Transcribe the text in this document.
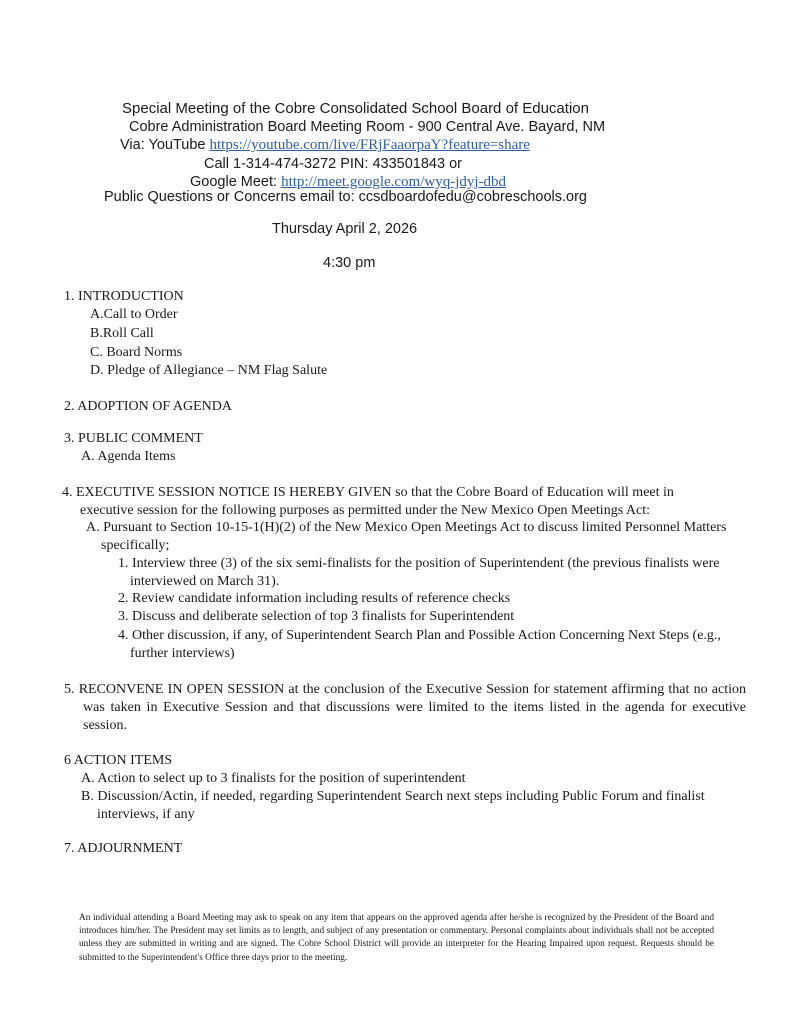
Special Meeting of the Cobre Consolidated School Board of Education
Cobre Administration Board Meeting Room - 900 Central Ave. Bayard, NM
Via: YouTube https://youtube.com/live/FRjFaaorpaY?feature=share
Call 1-314-474-3272 PIN: 433501843 or
Google Meet: http://meet.google.com/wyq-jdyj-dbd
Public Questions or Concerns email to: ccsdboardofedu@cobreschools.org
Thursday April 2, 2026
4:30 pm
1. INTRODUCTION
A.Call to Order
B.Roll Call
C. Board Norms
D. Pledge of Allegiance – NM Flag Salute
2. ADOPTION OF AGENDA
3. PUBLIC COMMENT
A. Agenda Items
4. EXECUTIVE SESSION NOTICE IS HEREBY GIVEN so that the Cobre Board of Education will meet in executive session for the following purposes as permitted under the New Mexico Open Meetings Act:
A. Pursuant to Section 10-15-1(H)(2) of the New Mexico Open Meetings Act to discuss limited Personnel Matters specifically;
1. Interview three (3) of the six semi-finalists for the position of Superintendent (the previous finalists were interviewed on March 31).
2. Review candidate information including results of reference checks
3. Discuss and deliberate selection of top 3 finalists for Superintendent
4. Other discussion, if any, of Superintendent Search Plan and Possible Action Concerning Next Steps (e.g., further interviews)
5. RECONVENE IN OPEN SESSION at the conclusion of the Executive Session for statement affirming that no action was taken in Executive Session and that discussions were limited to the items listed in the agenda for executive session.
6 ACTION ITEMS
A. Action to select up to 3 finalists for the position of superintendent
B. Discussion/Actin, if needed, regarding Superintendent Search next steps including Public Forum and finalist interviews, if any
7. ADJOURNMENT
An individual attending a Board Meeting may ask to speak on any item that appears on the approved agenda after he/she is recognized by the President of the Board and introduces him/her. The President may set limits as to length, and subject of any presentation or commentary. Personal complaints about individuals shall not be accepted unless they are submitted in writing and are signed. The Cobre School District will provide an interpreter for the Hearing Impaired upon request. Requests should be submitted to the Superintendent's Office three days prior to the meeting.
